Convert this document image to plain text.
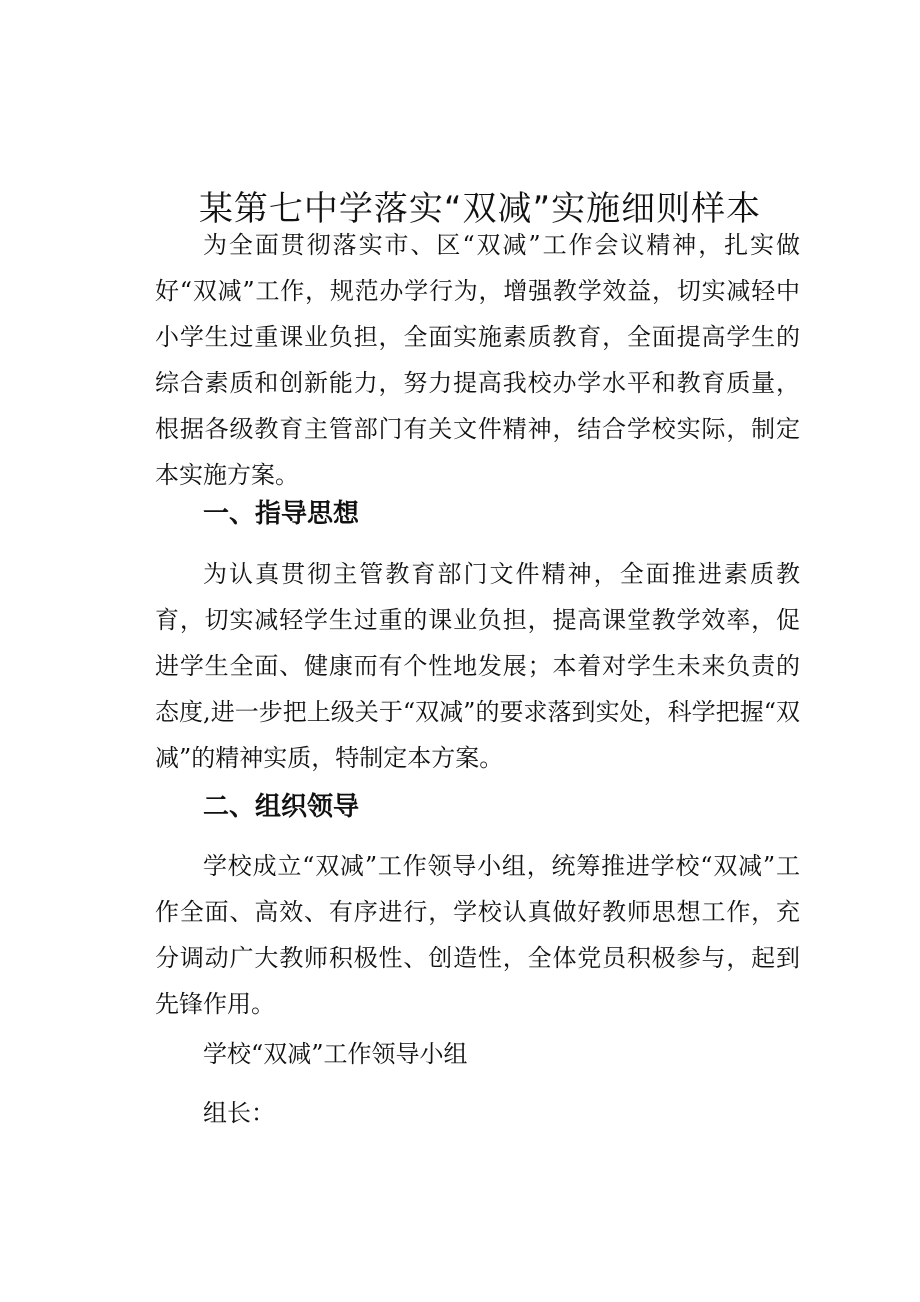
某第七中学落实“双减”实施细则样本

为全面贯彻落实市、区“双减”工作会议精神，扎实做好“双减”工作，规范办学行为，增强教学效益，切实减轻中小学生过重课业负担，全面实施素质教育，全面提高学生的综合素质和创新能力，努力提高我校办学水平和教育质量，根据各级教育主管部门有关文件精神，结合学校实际，制定本实施方案。

一、指导思想

为认真贯彻主管教育部门文件精神，全面推进素质教育，切实减轻学生过重的课业负担，提高课堂教学效率，促进学生全面、健康而有个性地发展；本着对学生未来负责的态度,进一步把上级关于“双减”的要求落到实处，科学把握“双减”的精神实质，特制定本方案。

二、组织领导

学校成立“双减”工作领导小组，统筹推进学校“双减”工作全面、高效、有序进行，学校认真做好教师思想工作，充分调动广大教师积极性、创造性，全体党员积极参与，起到先锋作用。

学校“双减”工作领导小组

组长：
